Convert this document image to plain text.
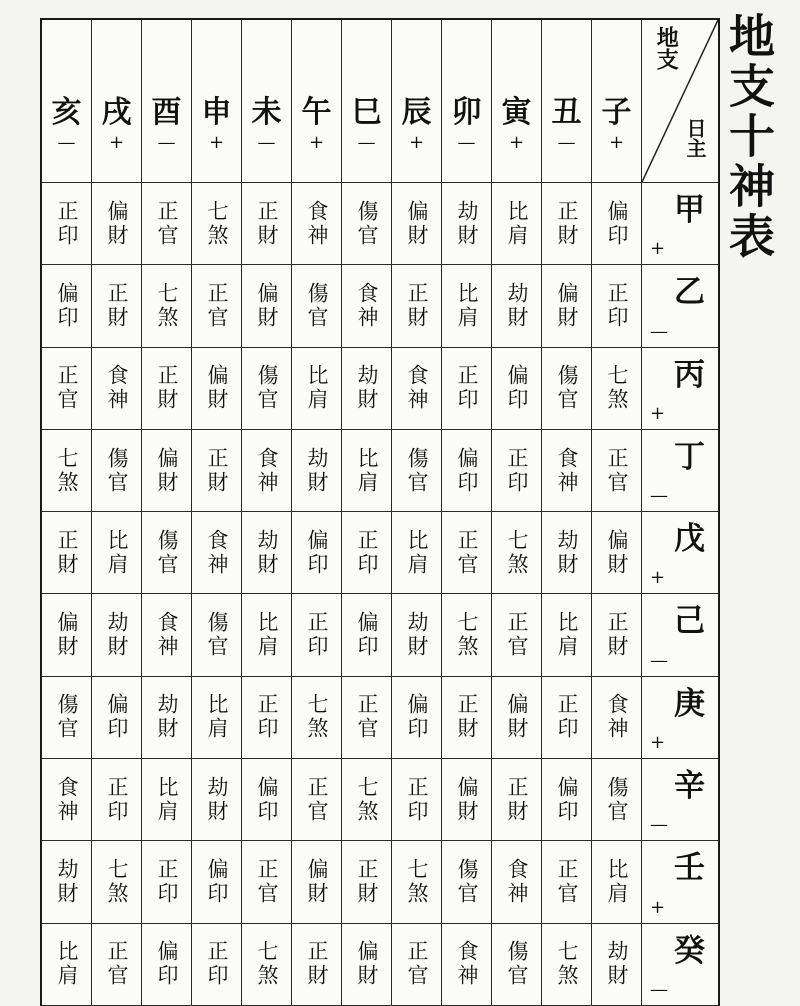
地支十神表
亥
—
戌
+
酉
—
申
+
未
—
午
+
巳
—
辰
+
卯
—
寅
+
丑
—
子
+
地支
日主
正印 偏財 正官 七煞 正財 食神 傷官 偏財 劫財 比肩 正財 偏印 甲
+
偏印 正財 七煞 正官 偏財 傷官 食神 正財 比肩 劫財 偏財 正印 乙
—
正官 食神 正財 偏財 傷官 比肩 劫財 食神 正印 偏印 傷官 七煞 丙
+
七煞 傷官 偏財 正財 食神 劫財 比肩 傷官 偏印 正印 食神 正官 丁
—
正財 比肩 傷官 食神 劫財 偏印 正印 比肩 正官 七煞 劫財 偏財 戊
+
偏財 劫財 食神 傷官 比肩 正印 偏印 劫財 七煞 正官 比肩 正財 己
—
傷官 偏印 劫財 比肩 正印 七煞 正官 偏印 正財 偏財 正印 食神 庚
+
食神 正印 比肩 劫財 偏印 正官 七煞 正印 偏財 正財 偏印 傷官 辛
—
劫財 七煞 正印 偏印 正官 偏財 正財 七煞 傷官 食神 正官 比肩 壬
+
比肩 正官 偏印 正印 七煞 正財 偏財 正官 食神 傷官 七煞 劫財 癸
—
